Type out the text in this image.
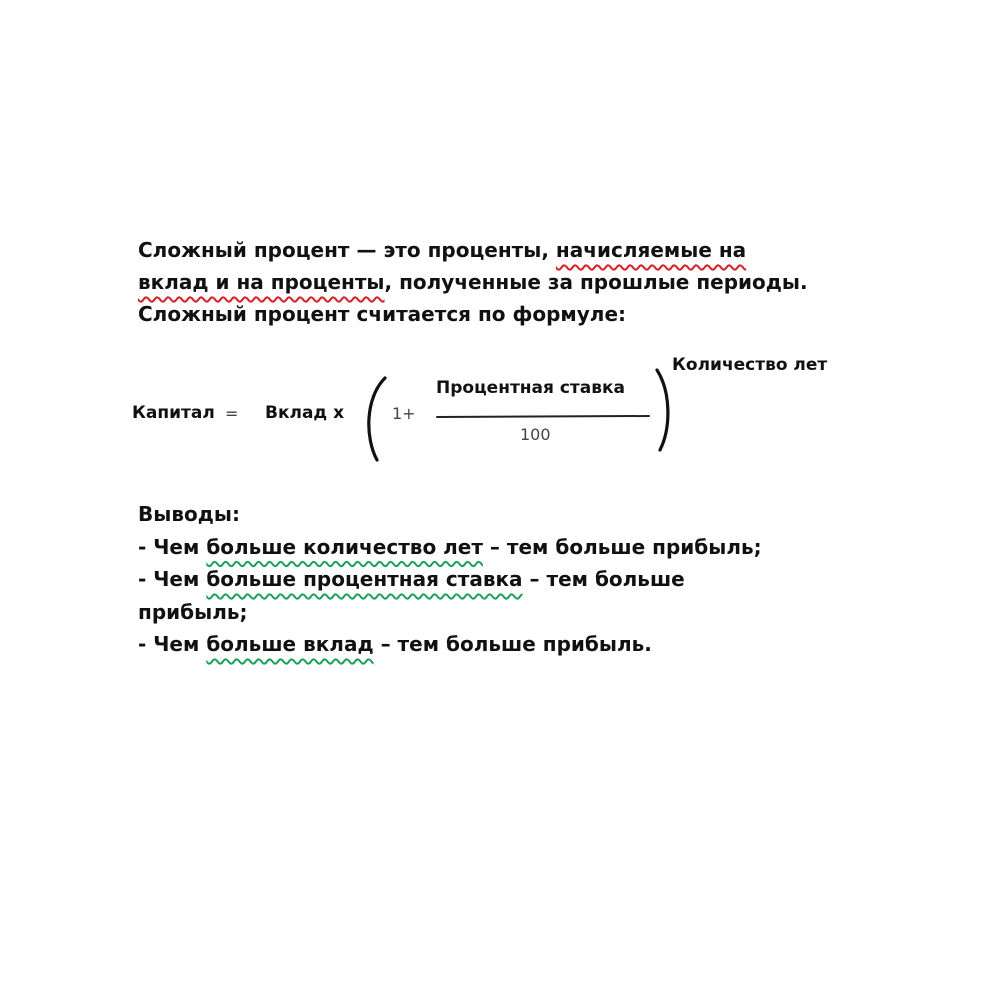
Сложный процент — это проценты, начисляемые на
вклад и на проценты, полученные за прошлые периоды.
Сложный процент считается по формуле:
Капитал = Вклад х	1+
Процентная ставка
100
Количество лет
Выводы:
- Чем больше количество лет – тем больше прибыль;
- Чем больше процентная ставка – тем больше
прибыль;
- Чем больше вклад – тем больше прибыль.
